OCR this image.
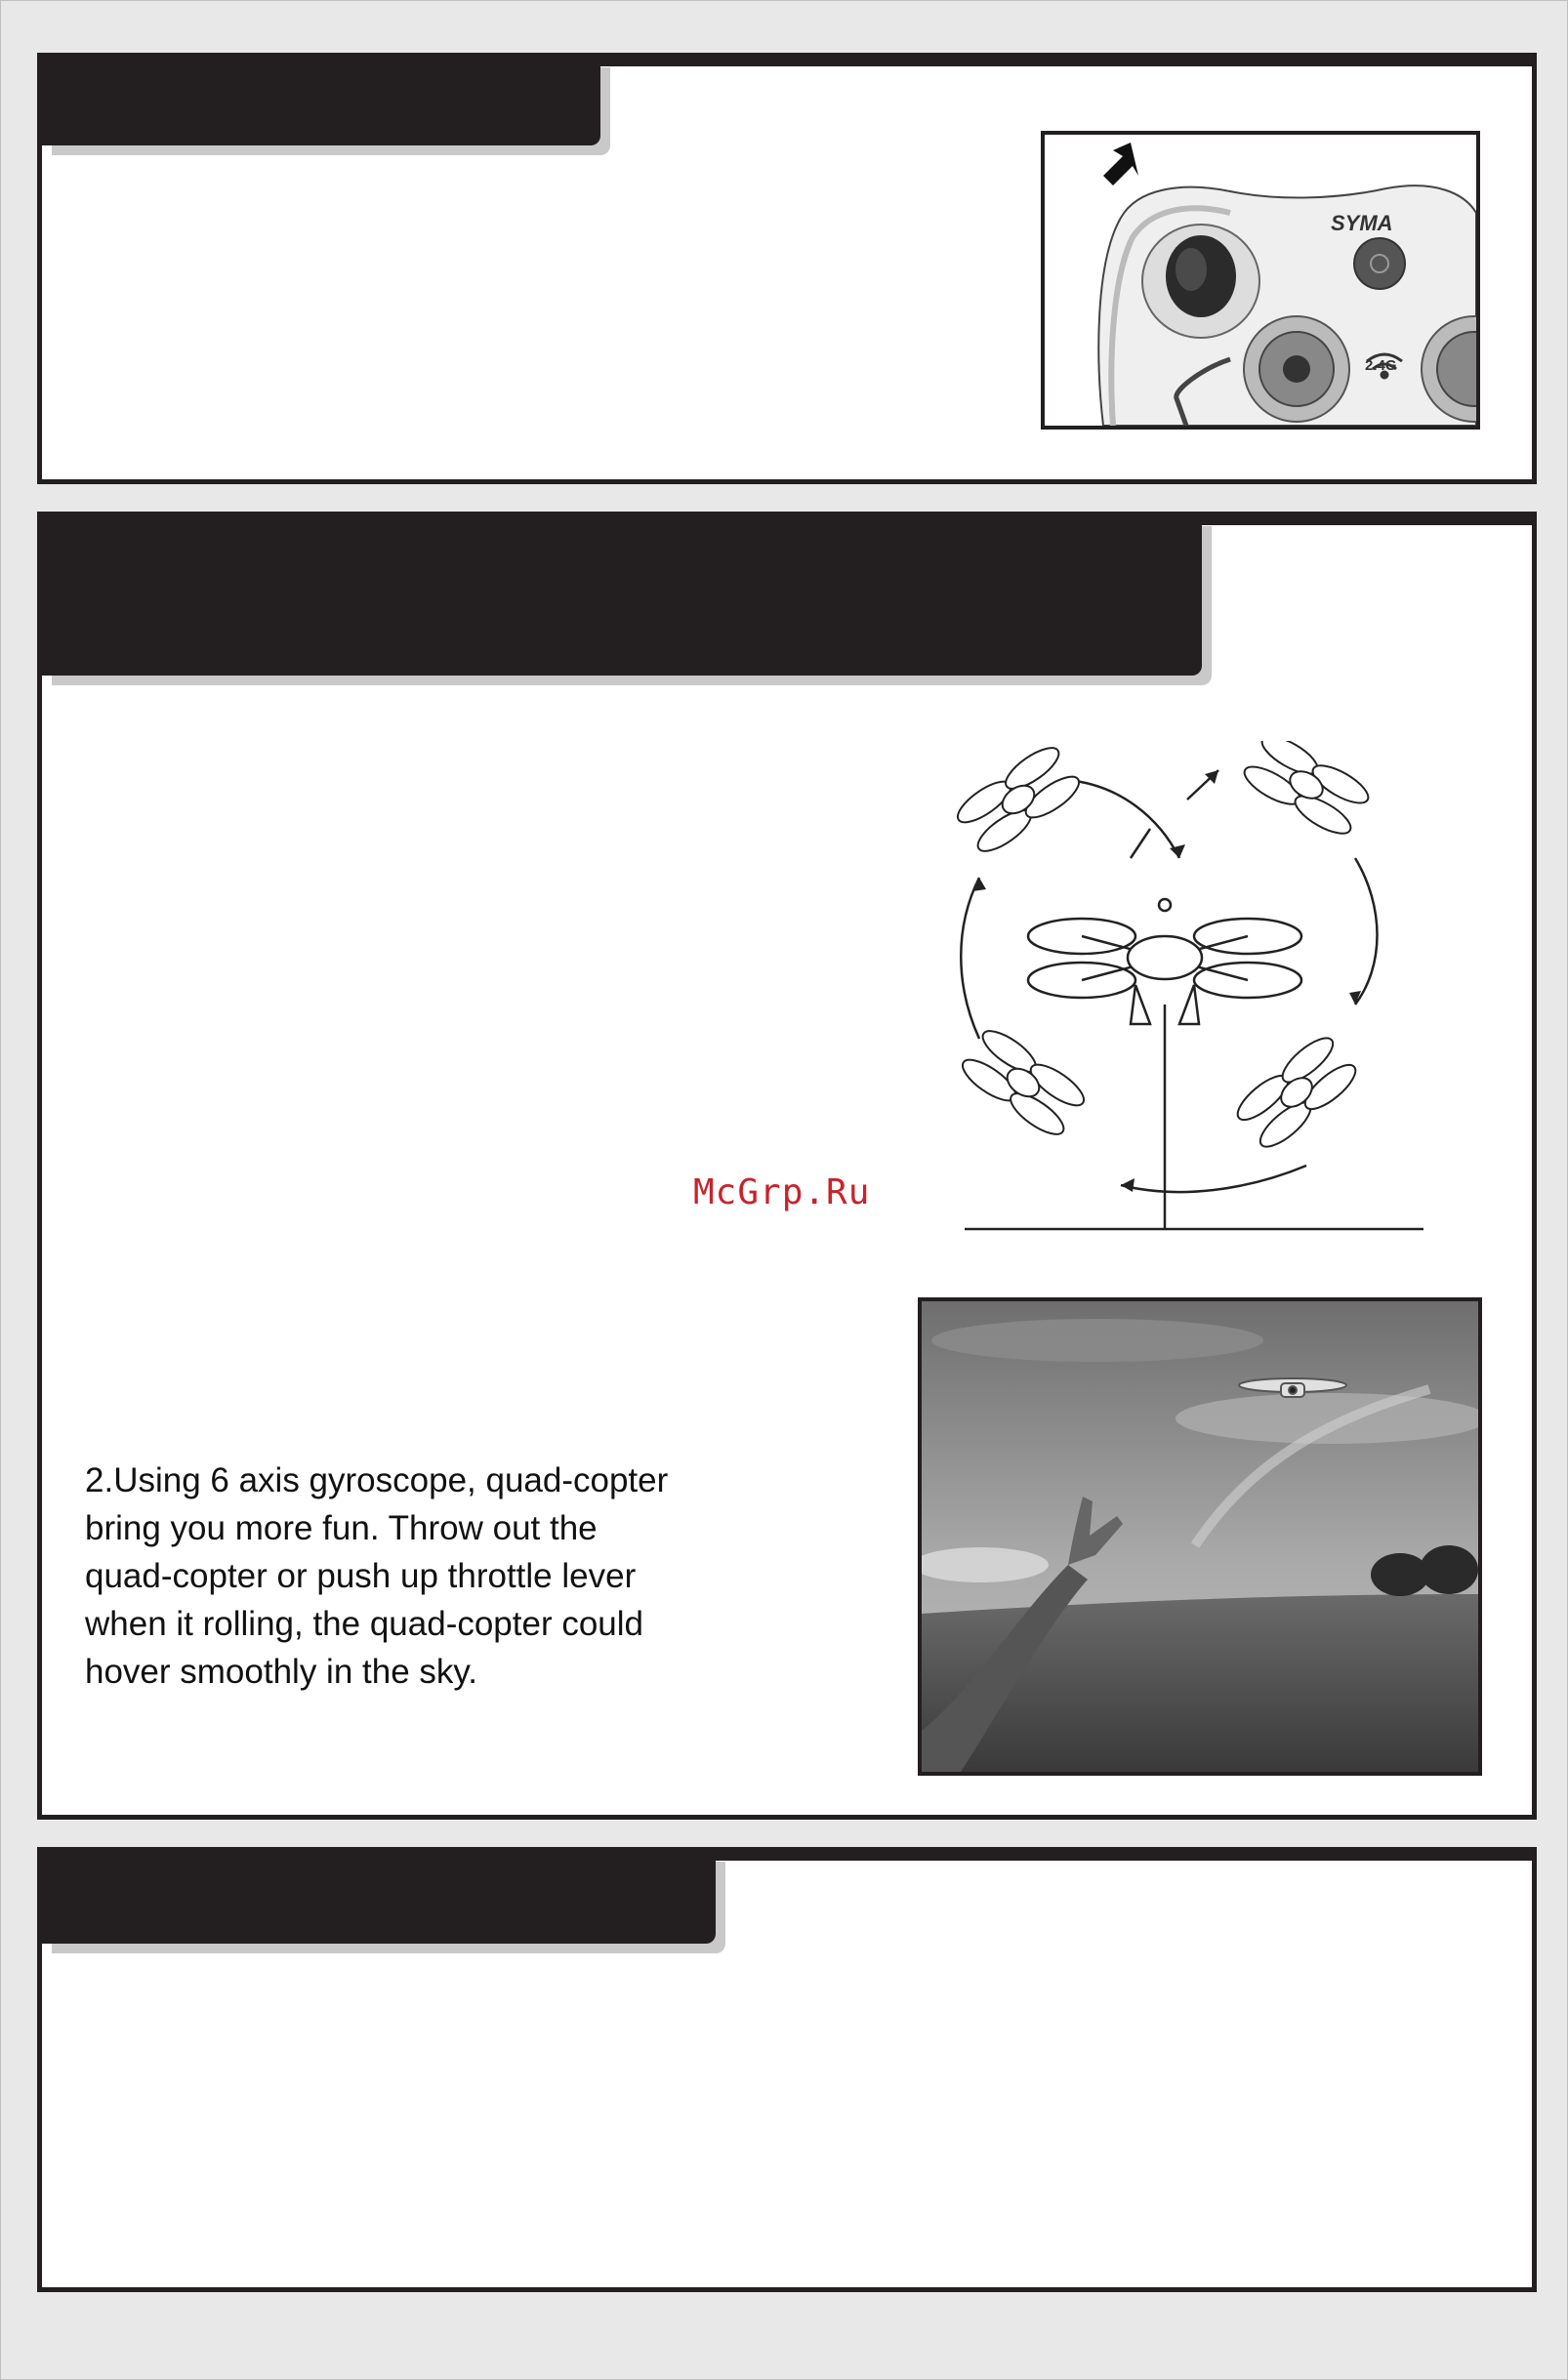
SYMA
2.4G
McGrp.Ru
2.Using 6 axis gyroscope, quad-copter
bring you more fun. Throw out the
quad-copter or push up throttle lever
when it rolling, the quad-copter could
hover smoothly in the sky.
